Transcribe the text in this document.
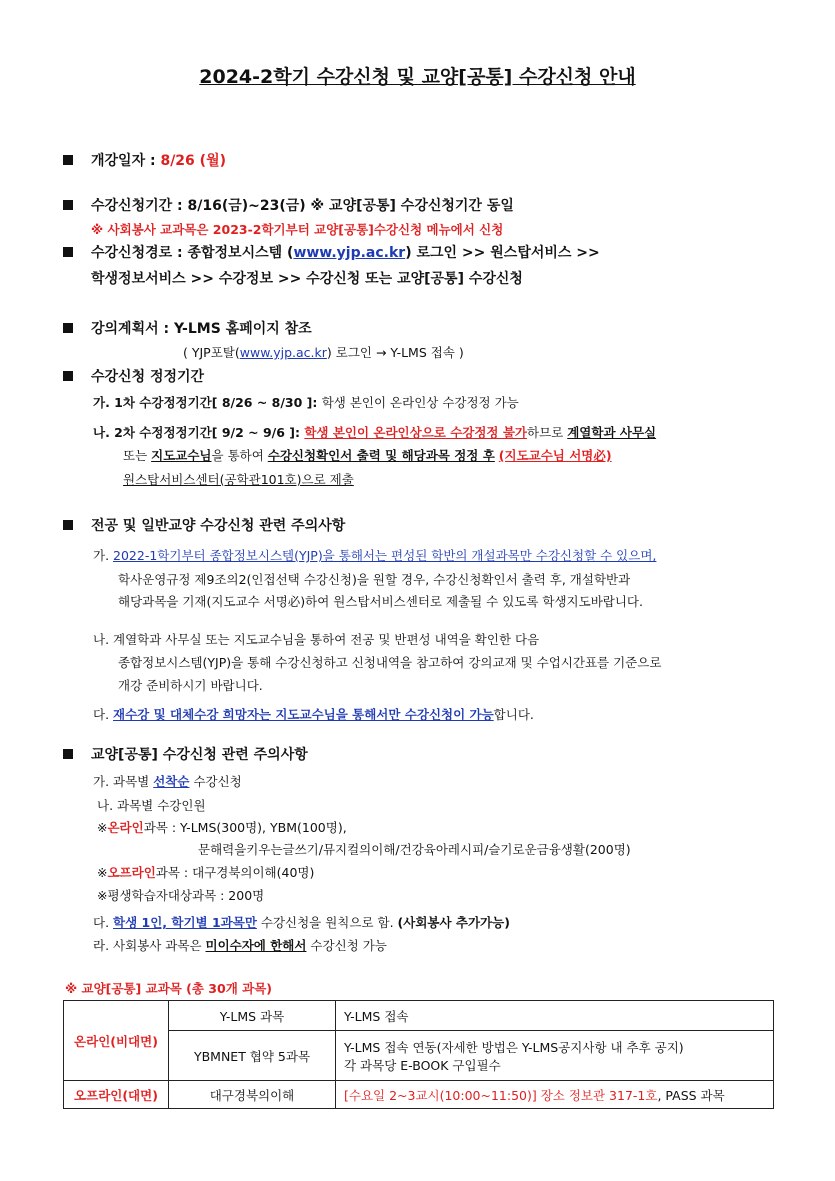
2024-2학기 수강신청 및 교양[공통] 수강신청 안내
개강일자 : 8/26 (월)
수강신청기간 : 8/16(금)~23(금) ※ 교양[공통] 수강신청기간 동일
※ 사회봉사 교과목은 2023-2학기부터 교양[공통]수강신청 메뉴에서 신청
수강신청경로 : 종합정보시스템 (www.yjp.ac.kr) 로그인 >> 원스탑서비스 >>
학생정보서비스 >> 수강정보 >> 수강신청 또는 교양[공통] 수강신청
강의계획서 : Y-LMS 홈페이지 참조
( YJP포탈(www.yjp.ac.kr) 로그인 → Y-LMS 접속 )
수강신청 정정기간
가. 1차 수강정정기간[ 8/26 ~ 8/30 ]: 학생 본인이 온라인상 수강정정 가능
나. 2차 수정정정기간[ 9/2 ~ 9/6 ]: 학생 본인이 온라인상으로 수강정정 불가하므로 계열학과 사무실
또는 지도교수님을 통하여 수강신청확인서 출력 및 해당과목 정정 후 (지도교수님 서명必)
원스탑서비스센터(공학관101호)으로 제출
전공 및 일반교양 수강신청 관련 주의사항
가. 2022-1학기부터 종합정보시스템(YJP)을 통해서는 편성된 학반의 개설과목만 수강신청할 수 있으며,
학사운영규정 제9조의2(인접선택 수강신청)을 원할 경우, 수강신청확인서 출력 후, 개설학반과
해당과목을 기재(지도교수 서명必)하여 원스탑서비스센터로 제출될 수 있도록 학생지도바랍니다.
나. 계열학과 사무실 또는 지도교수님을 통하여 전공 및 반편성 내역을 확인한 다음
종합정보시스템(YJP)을 통해 수강신청하고 신청내역을 참고하여 강의교재 및 수업시간표를 기준으로
개강 준비하시기 바랍니다.
다. 재수강 및 대체수강 희망자는 지도교수님을 통해서만 수강신청이 가능합니다.
교양[공통] 수강신청 관련 주의사항
가. 과목별 선착순 수강신청
나. 과목별 수강인원
※온라인과목 : Y-LMS(300명), YBM(100명),
문해력을키우는글쓰기/뮤지컬의이해/건강육아레시피/슬기로운금융생활(200명)
※오프라인과목 : 대구경북의이해(40명)
※평생학습자대상과목 : 200명
다. 학생 1인, 학기별 1과목만 수강신청을 원칙으로 함. (사회봉사 추가가능)
라. 사회봉사 과목은 미이수자에 한해서 수강신청 가능
※ 교양[공통] 교과목 (총 30개 과목)
온라인(비대면)	Y-LMS 과목	Y-LMS 접속
	YBMNET 협약 5과목	Y-LMS 접속 연동(자세한 방법은 Y-LMS공지사항 내 추후 공지)
각 과목당 E-BOOK 구입필수

오프라인(대면)	대구경북의이해	[수요일 2~3교시(10:00~11:50)] 장소 정보관 317-1호, PASS 과목
